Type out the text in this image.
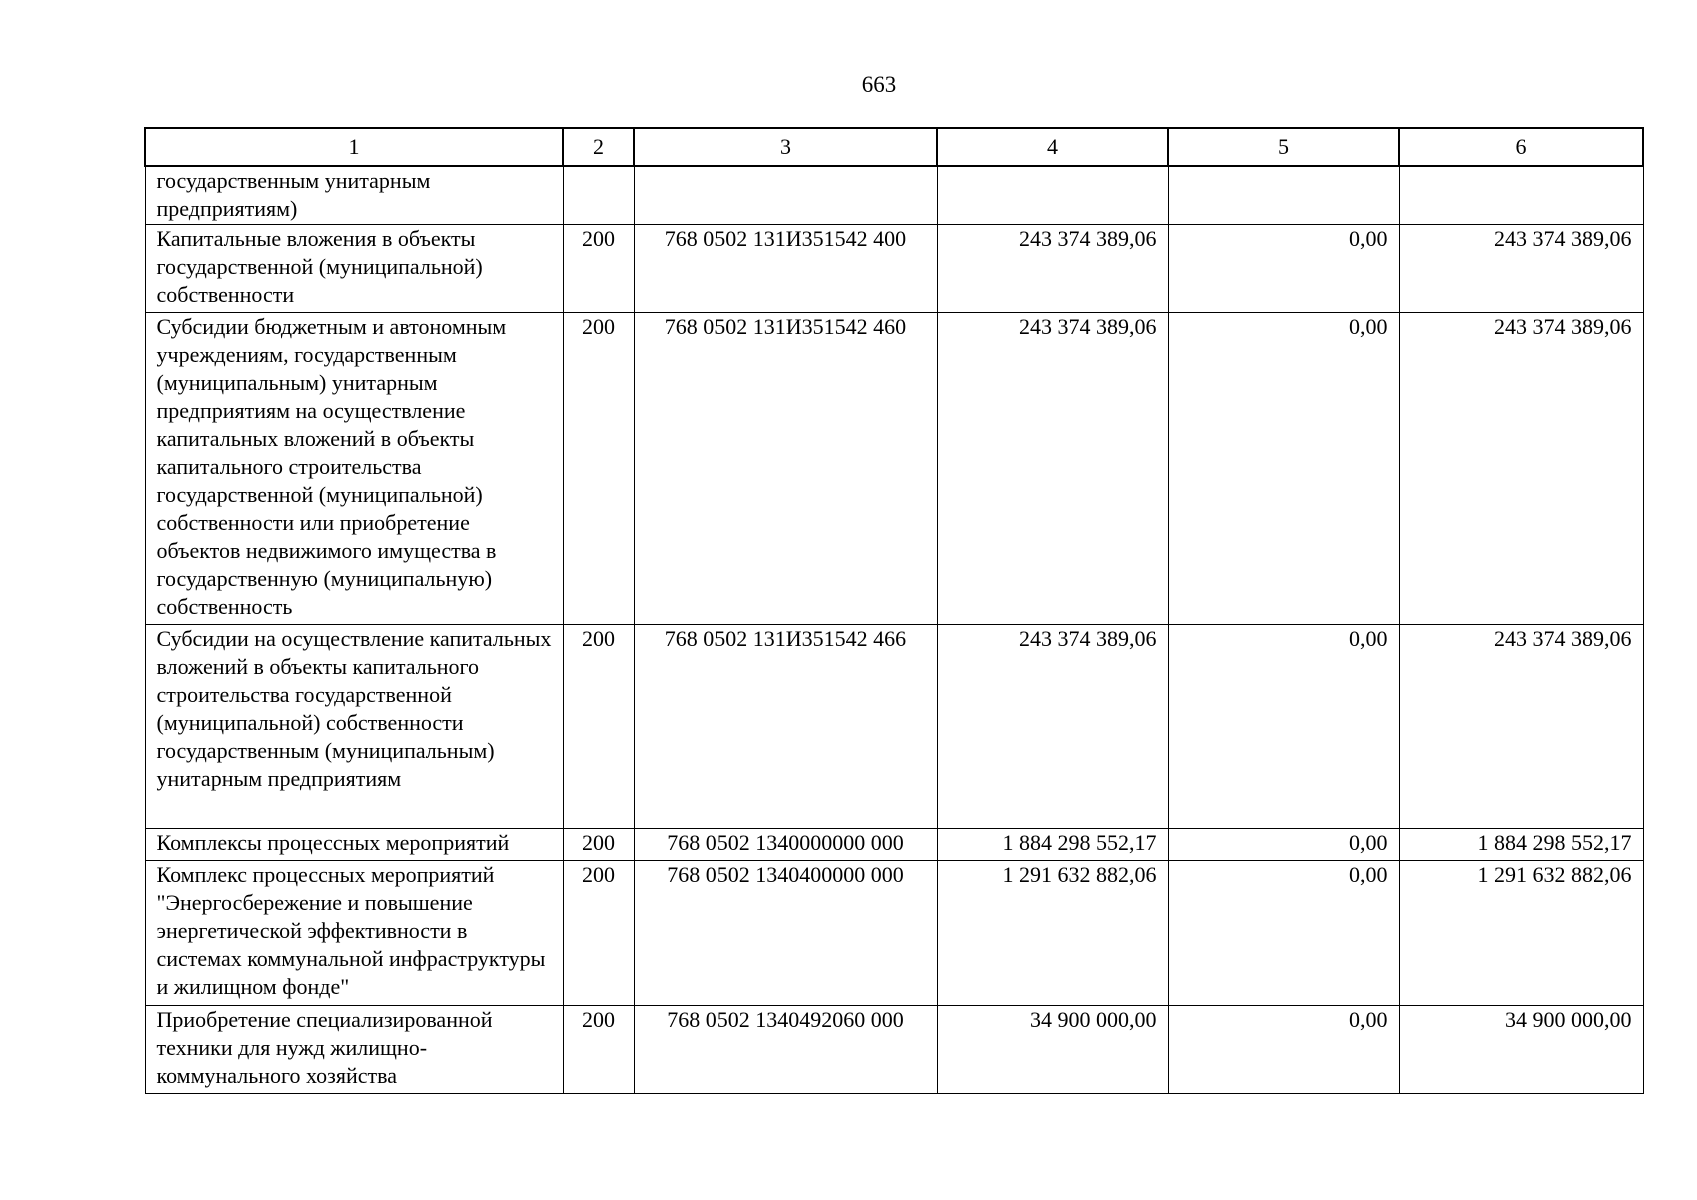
663
1	2	3	4	5	6
государственным унитарным предприятиям)					
Капитальные вложения в объекты государственной (муниципальной) собственности	200	768 0502 131И351542 400	243 374 389,06	0,00	243 374 389,06
Субсидии бюджетным и автономным учреждениям, государственным (муниципальным) унитарным предприятиям на осуществление капитальных вложений в объекты капитального строительства государственной (муниципальной) собственности или приобретение объектов недвижимого имущества в государственную (муниципальную) собственность	200	768 0502 131И351542 460	243 374 389,06	0,00	243 374 389,06
Субсидии на осуществление капитальных вложений в объекты капитального строительства государственной (муниципальной) собственности государственным (муниципальным) унитарным предприятиям	200	768 0502 131И351542 466	243 374 389,06	0,00	243 374 389,06
Комплексы процессных мероприятий	200	768 0502 1340000000 000	1 884 298 552,17	0,00	1 884 298 552,17
Комплекс процессных мероприятий "Энергосбережение и повышение энергетической эффективности в системах коммунальной инфраструктуры и жилищном фонде"	200	768 0502 1340400000 000	1 291 632 882,06	0,00	1 291 632 882,06
Приобретение специализированной техники для нужд жилищно-коммунального хозяйства	200	768 0502 1340492060 000	34 900 000,00	0,00	34 900 000,00
